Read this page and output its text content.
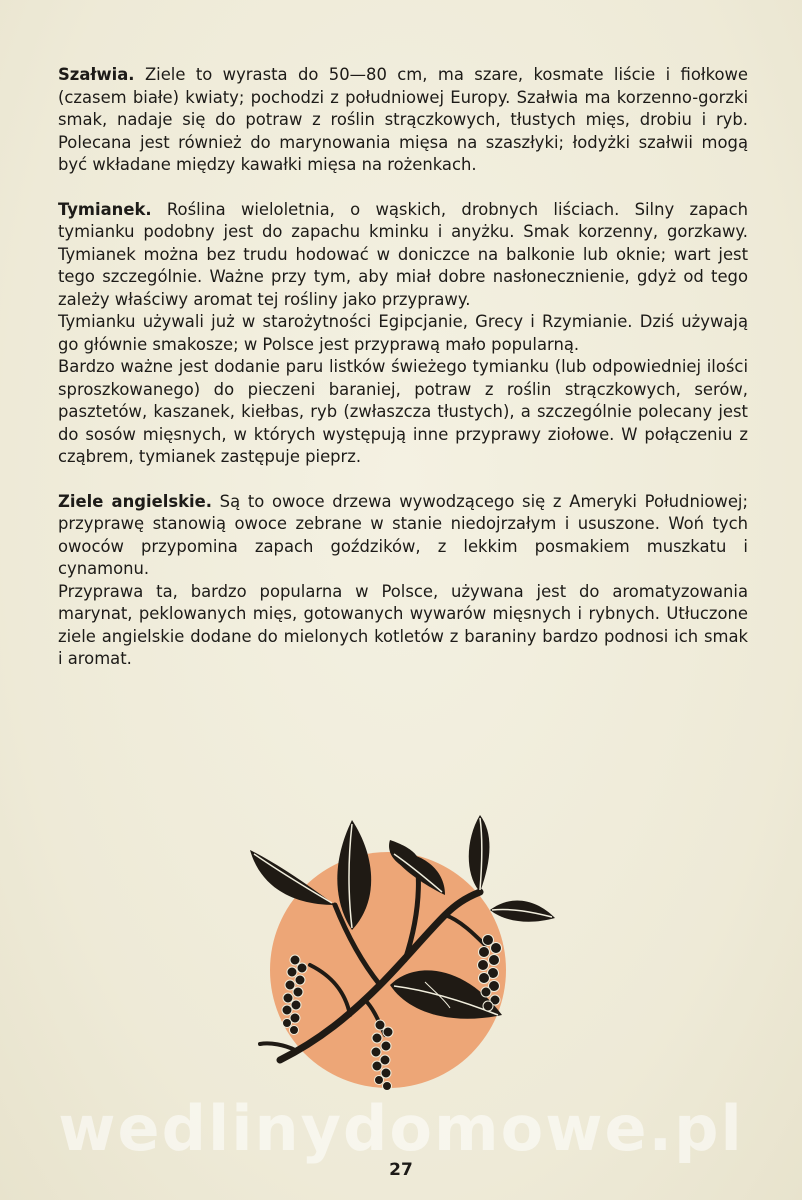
Szałwia. Ziele to wyrasta do 50—80 cm, ma szare, kosmate liście i fiołkowe (czasem białe) kwiaty; pochodzi z południowej Europy. Szałwia ma korzenno-gorzki smak, nadaje się do potraw z roślin strączkowych, tłustych mięs, drobiu i ryb. Polecana jest również do marynowania mięsa na szaszłyki; łodyżki szałwii mogą być wkładane między kawałki mięsa na rożenkach.

Tymianek. Roślina wieloletnia, o wąskich, drobnych liściach. Silny zapach tymianku podobny jest do zapachu kminku i anyżku. Smak korzenny, gorzkawy. Tymianek można bez trudu hodować w doniczce na balkonie lub oknie; wart jest tego szczególnie. Ważne przy tym, aby miał dobre nasłonecznienie, gdyż od tego zależy właściwy aromat tej rośliny jako przyprawy.

Tymianku używali już w starożytności Egipcjanie, Grecy i Rzymianie. Dziś używają go głównie smakosze; w Polsce jest przyprawą mało popularną.

Bardzo ważne jest dodanie paru listków świeżego tymianku (lub odpowiedniej ilości sproszkowanego) do pieczeni baraniej, potraw z roślin strączkowych, serów, pasztetów, kaszanek, kiełbas, ryb (zwłaszcza tłustych), a szczególnie polecany jest do sosów mięsnych, w których występują inne przyprawy ziołowe. W połączeniu z cząbrem, tymianek zastępuje pieprz.

Ziele angielskie. Są to owoce drzewa wywodzącego się z Ameryki Południowej; przyprawę stanowią owoce zebrane w stanie niedojrzałym i ususzone. Woń tych owoców przypomina zapach goździków, z lekkim posmakiem muszkatu i cynamonu.

Przyprawa ta, bardzo popularna w Polsce, używana jest do aromatyzowania marynat, peklowanych mięs, gotowanych wywarów mięsnych i rybnych. Utłuczone ziele angielskie dodane do mielonych kotletów z baraniny bardzo podnosi ich smak i aromat.

wedlinydomowe.pl
27
